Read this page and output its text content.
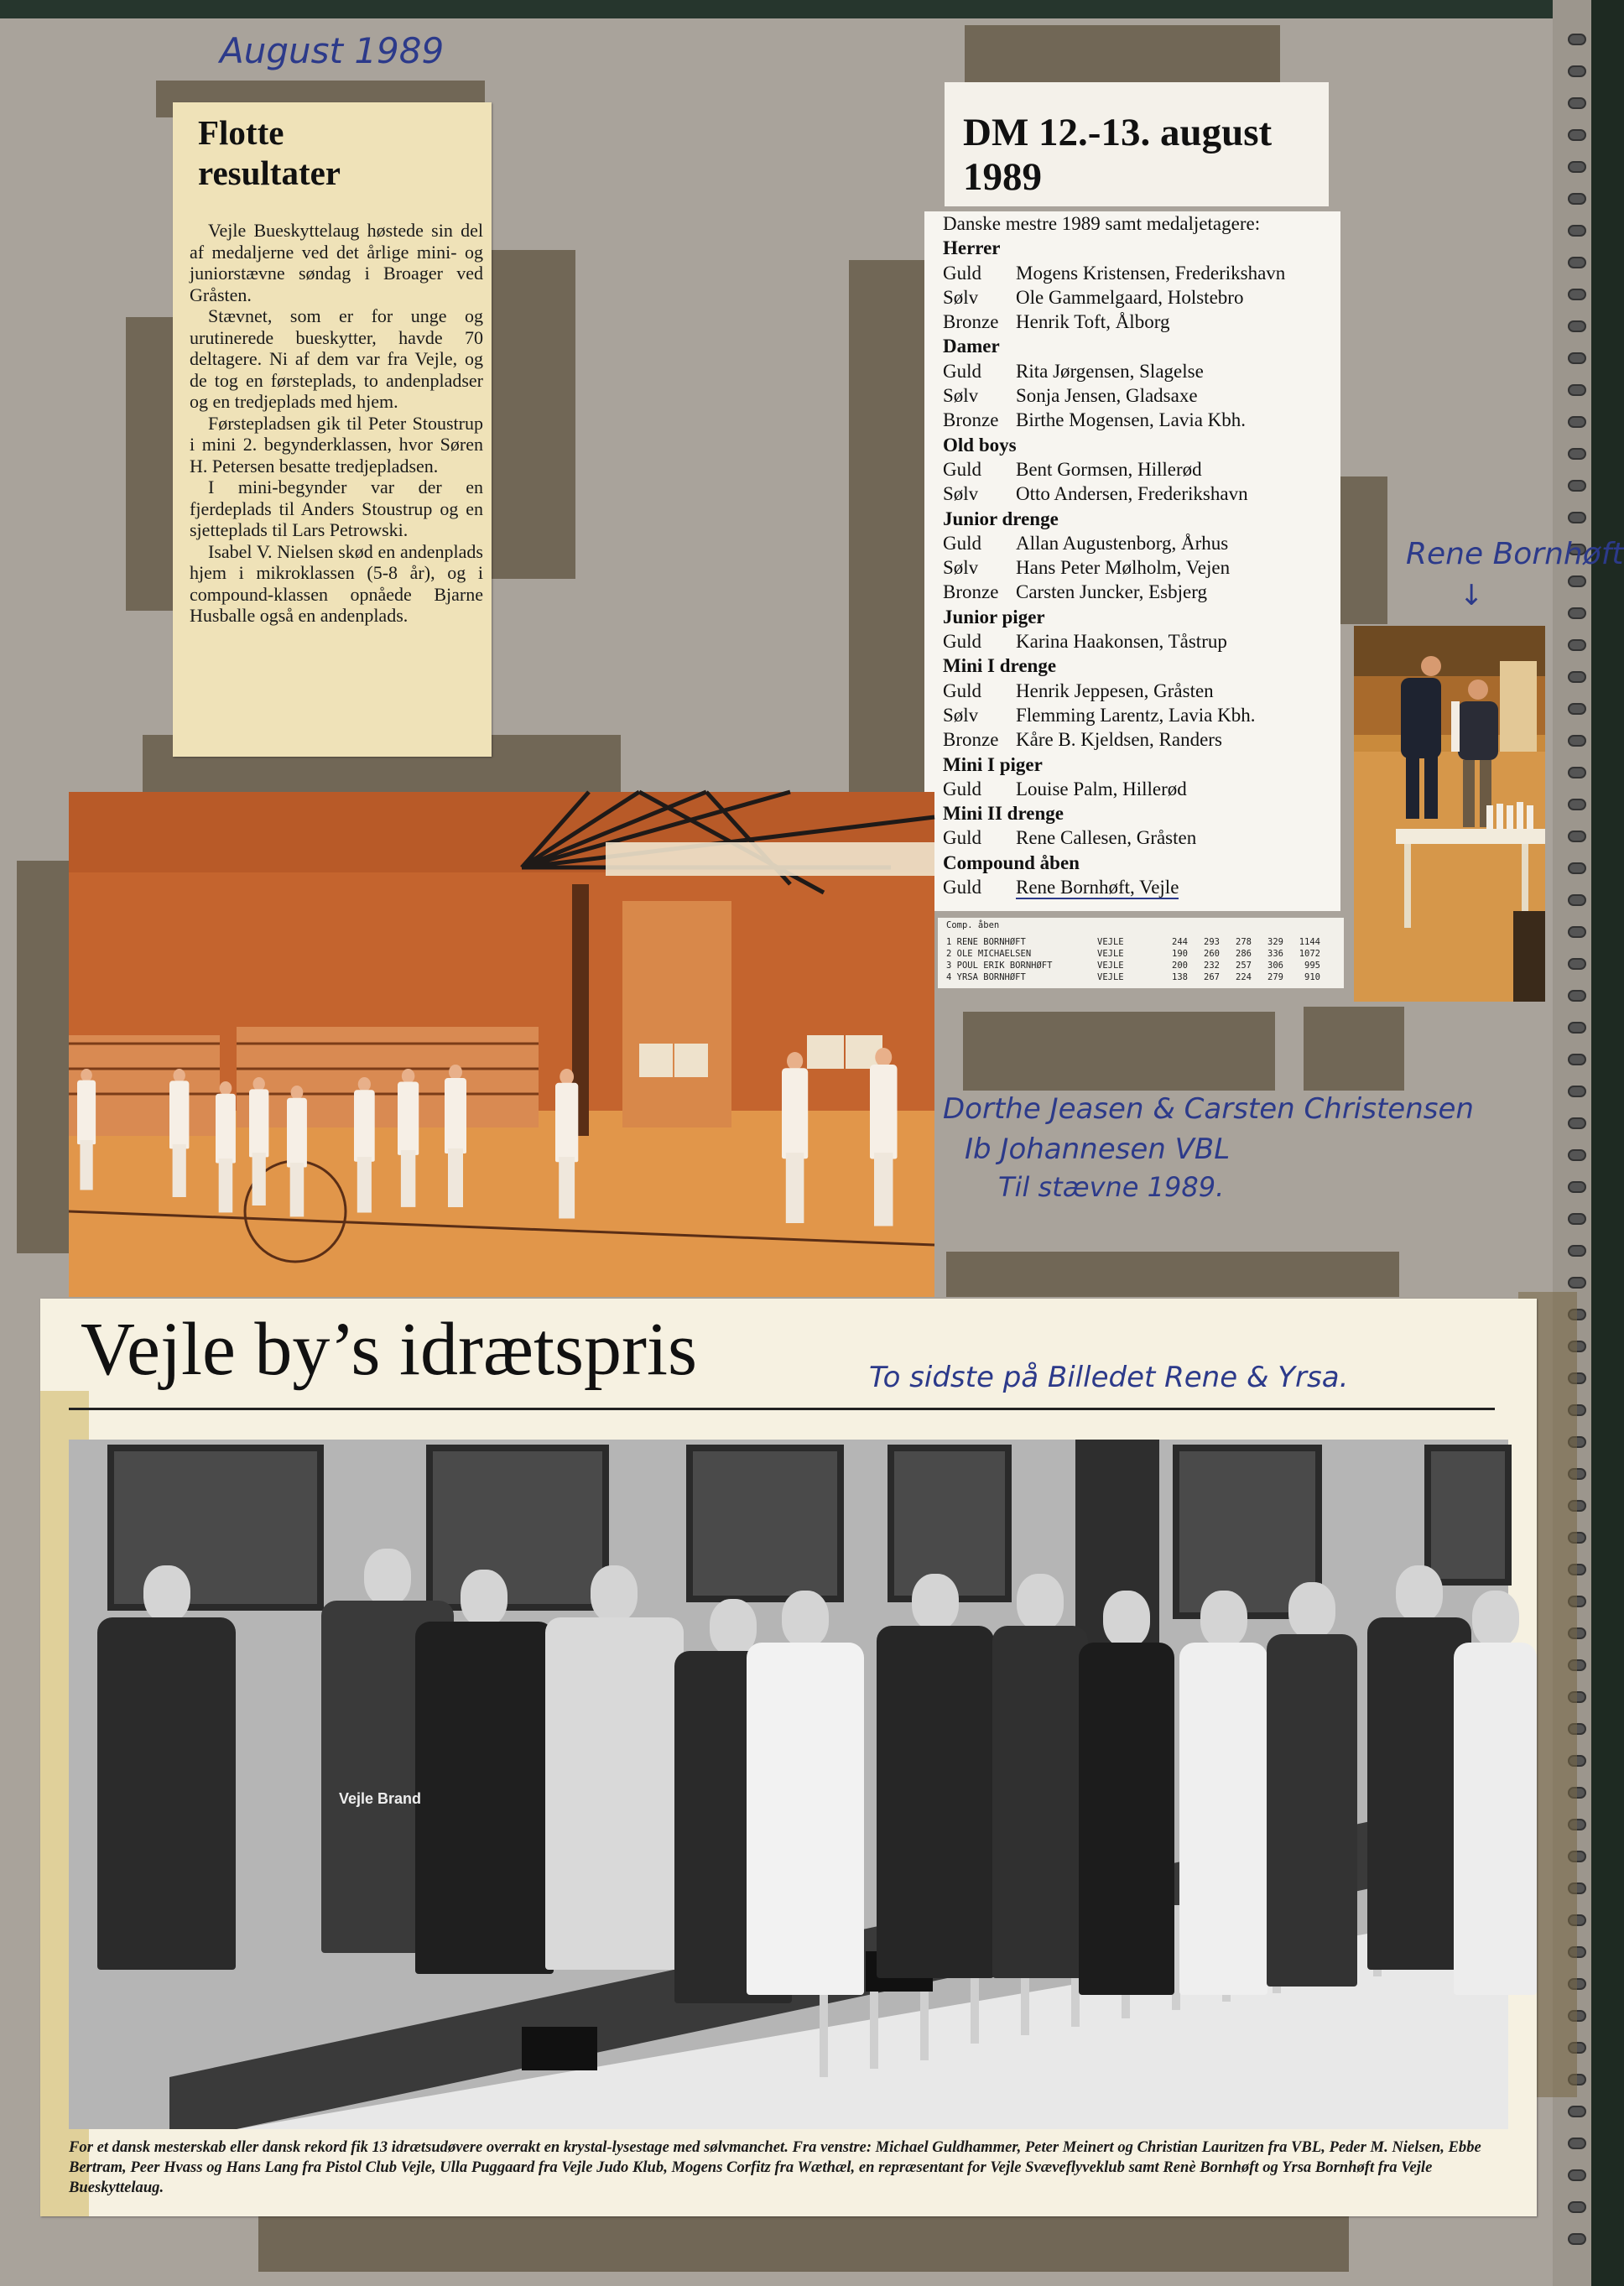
August 1989
Flotte resultater

Vejle Bueskyttelaug høstede sin del af medaljerne ved det årlige mini- og juniorstævne søndag i Broager ved Gråsten.

Stævnet, som er for unge og urutinerede bueskytter, havde 70 deltagere. Ni af dem var fra Vejle, og de tog en førsteplads, to andenpladser og en tredjeplads med hjem.

Førstepladsen gik til Peter Stoustrup i mini 2. begynderklassen, hvor Søren H. Petersen besatte tredjepladsen.

I mini-begynder var der en fjerdeplads til Anders Stoustrup og en sjetteplads til Lars Petrowski.

Isabel V. Nielsen skød en andenplads hjem i mikroklassen (5-8 år), og i compound-klassen opnåede Bjarne Husballe også en andenplads.

DM 12.-13. august 1989
Danske mestre 1989 samt medaljetagere:
Herrer
Guld	Mogens Kristensen, Frederikshavn
Sølv	Ole Gammelgaard, Holstebro
Bronze Henrik Toft, Ålborg
Damer
Guld	Rita Jørgensen, Slagelse
Sølv	Sonja Jensen, Gladsaxe
Bronze Birthe Mogensen, Lavia Kbh.
Old boys
Guld	Bent Gormsen, Hillerød
Sølv	Otto Andersen, Frederikshavn
Junior drenge
Guld	Allan Augustenborg, Århus
Sølv	Hans Peter Mølholm, Vejen
Bronze Carsten Juncker, Esbjerg
Junior piger
Guld	Karina Haakonsen, Tåstrup
Mini I drenge
Guld	Henrik Jeppesen, Gråsten
Sølv	Flemming Larentz, Lavia Kbh.
Bronze Kåre B. Kjeldsen, Randers
Mini I piger
Guld	Louise Palm, Hillerød
Mini II drenge
Guld	Rene Callesen, Gråsten
Compound åben
Guld	Rene Bornhøft, Vejle
Comp. åben
1 RENE BORNHØFT	VEJLE	244	293	278	329	1144
2 OLE MICHAELSEN	VEJLE	190	260	286	336	1072
3 POUL ERIK BORNHØFT	VEJLE	200	232	257	306	995
4 YRSA BORNHØFT	VEJLE	138	267	224	279	910
Rene Bornhøft
↓
Dorthe Jeasen & Carsten Christensen
Ib Johannesen VBL
Til stævne 1989.
Vejle by’s idrætspris	To sidste på Billedet Rene & Yrsa.
Vejle Brand
For et dansk mesterskab eller dansk rekord fik 13 idrætsudøvere overrakt en krystal-lysestage med sølvmanchet. Fra venstre: Michael Guldhammer, Peter Meinert og Christian Lauritzen fra VBL, Peder M. Nielsen, Ebbe Bertram, Peer Hvass og Hans Lang fra Pistol Club Vejle, Ulla Puggaard fra Vejle Judo Klub, Mogens Corfitz fra Wæthæl, en repræsentant for Vejle Svæveflyveklub samt Renè Bornhøft og Yrsa Bornhøft fra Vejle Bueskyttelaug.
